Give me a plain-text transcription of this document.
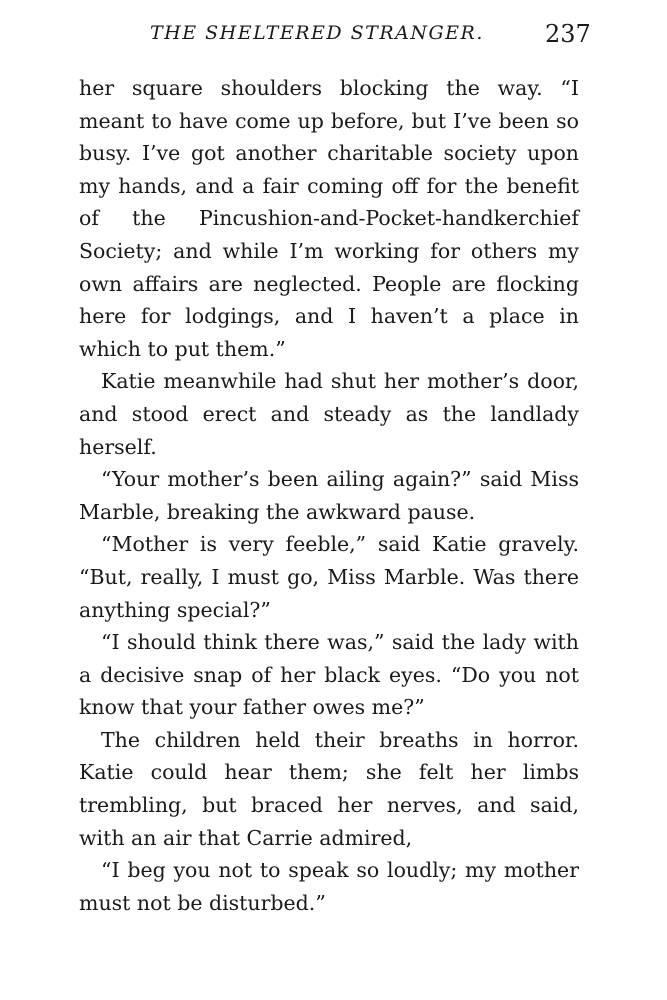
THE SHELTERED STRANGER.	237

her square shoulders blocking the way. “I meant to have come up before, but I’ve been so busy. I’ve got another charitable society upon my hands, and a fair coming off for the benefit of the Pincushion-and-Pocket-handkerchief Society; and while I’m working for others my own affairs are neglected. People are flocking here for lodgings, and I haven’t a place in which to put them.”

Katie meanwhile had shut her mother’s door, and stood erect and steady as the landlady herself.

“Your mother’s been ailing again?” said Miss Marble, breaking the awkward pause.

“Mother is very feeble,” said Katie gravely. “But, really, I must go, Miss Marble. Was there anything special?”

“I should think there was,” said the lady with a decisive snap of her black eyes. “Do you not know that your father owes me?”

The children held their breaths in horror. Katie could hear them; she felt her limbs trembling, but braced her nerves, and said, with an air that Carrie admired,

“I beg you not to speak so loudly; my mother must not be disturbed.”
